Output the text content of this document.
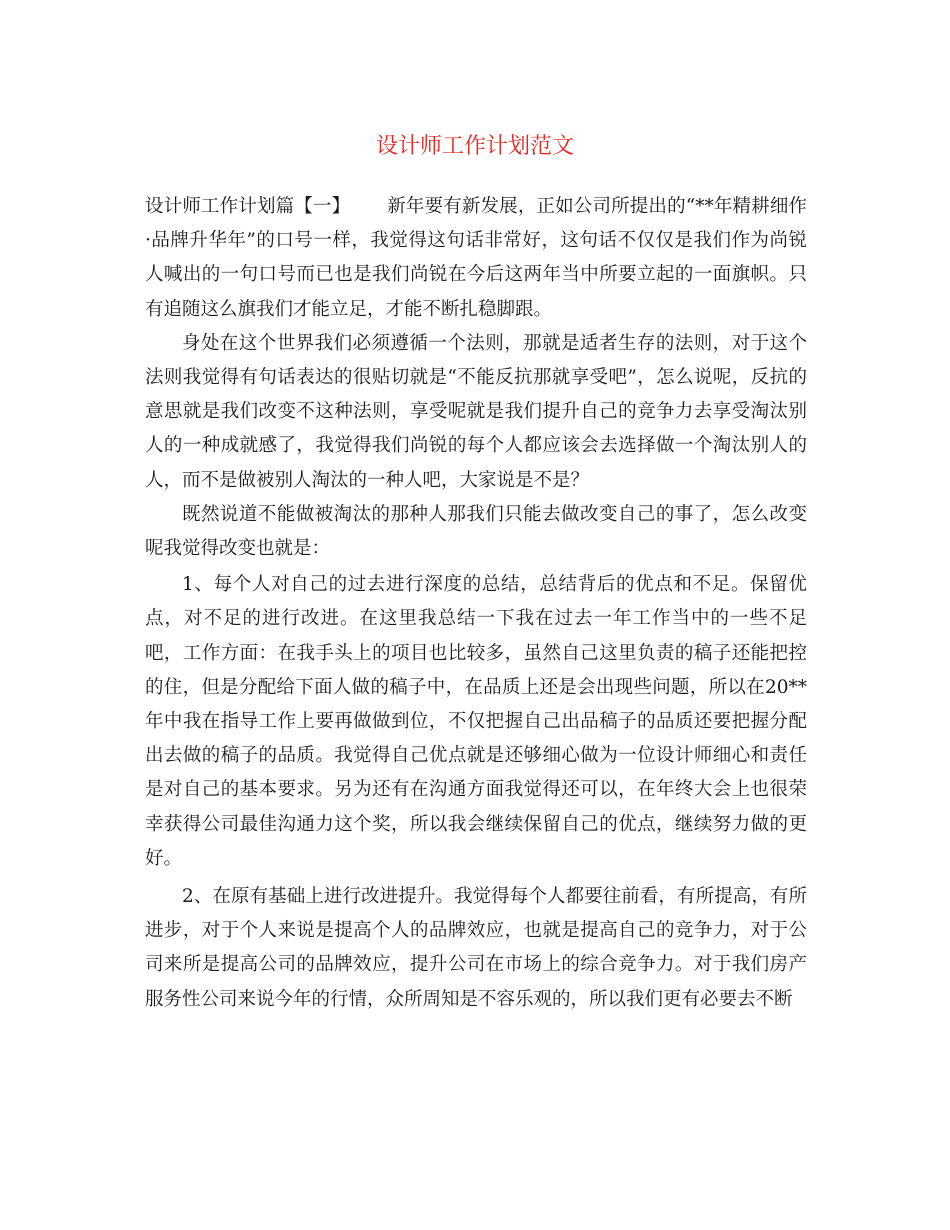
设计师工作计划范文

设计师工作计划篇【一】 新年要有新发展，正如公司所提出的“**年精耕细作·品牌升华年”的口号一样，我觉得这句话非常好，这句话不仅仅是我们作为尚锐人喊出的一句口号而已也是我们尚锐在今后这两年当中所要立起的一面旗帜。只有追随这么旗我们才能立足，才能不断扎稳脚跟。

身处在这个世界我们必须遵循一个法则，那就是适者生存的法则，对于这个法则我觉得有句话表达的很贴切就是“不能反抗那就享受吧”，怎么说呢，反抗的意思就是我们改变不这种法则，享受呢就是我们提升自己的竞争力去享受淘汰别人的一种成就感了，我觉得我们尚锐的每个人都应该会去选择做一个淘汰别人的人，而不是做被别人淘汰的一种人吧，大家说是不是？

既然说道不能做被淘汰的那种人那我们只能去做改变自己的事了，怎么改变呢我觉得改变也就是：

1、每个人对自己的过去进行深度的总结，总结背后的优点和不足。保留优点，对不足的进行改进。在这里我总结一下我在过去一年工作当中的一些不足吧，工作方面：在我手头上的项目也比较多，虽然自己这里负责的稿子还能把控的住，但是分配给下面人做的稿子中，在品质上还是会出现些问题，所以在20**年中我在指导工作上要再做做到位，不仅把握自己出品稿子的品质还要把握分配出去做的稿子的品质。我觉得自己优点就是还够细心做为一位设计师细心和责任是对自己的基本要求。另为还有在沟通方面我觉得还可以，在年终大会上也很荣幸获得公司最佳沟通力这个奖，所以我会继续保留自己的优点，继续努力做的更好。

2、在原有基础上进行改进提升。我觉得每个人都要往前看，有所提高，有所进步，对于个人来说是提高个人的品牌效应，也就是提高自己的竞争力，对于公司来所是提高公司的品牌效应，提升公司在市场上的综合竞争力。对于我们房产服务性公司来说今年的行情，众所周知是不容乐观的，所以我们更有必要去不断
